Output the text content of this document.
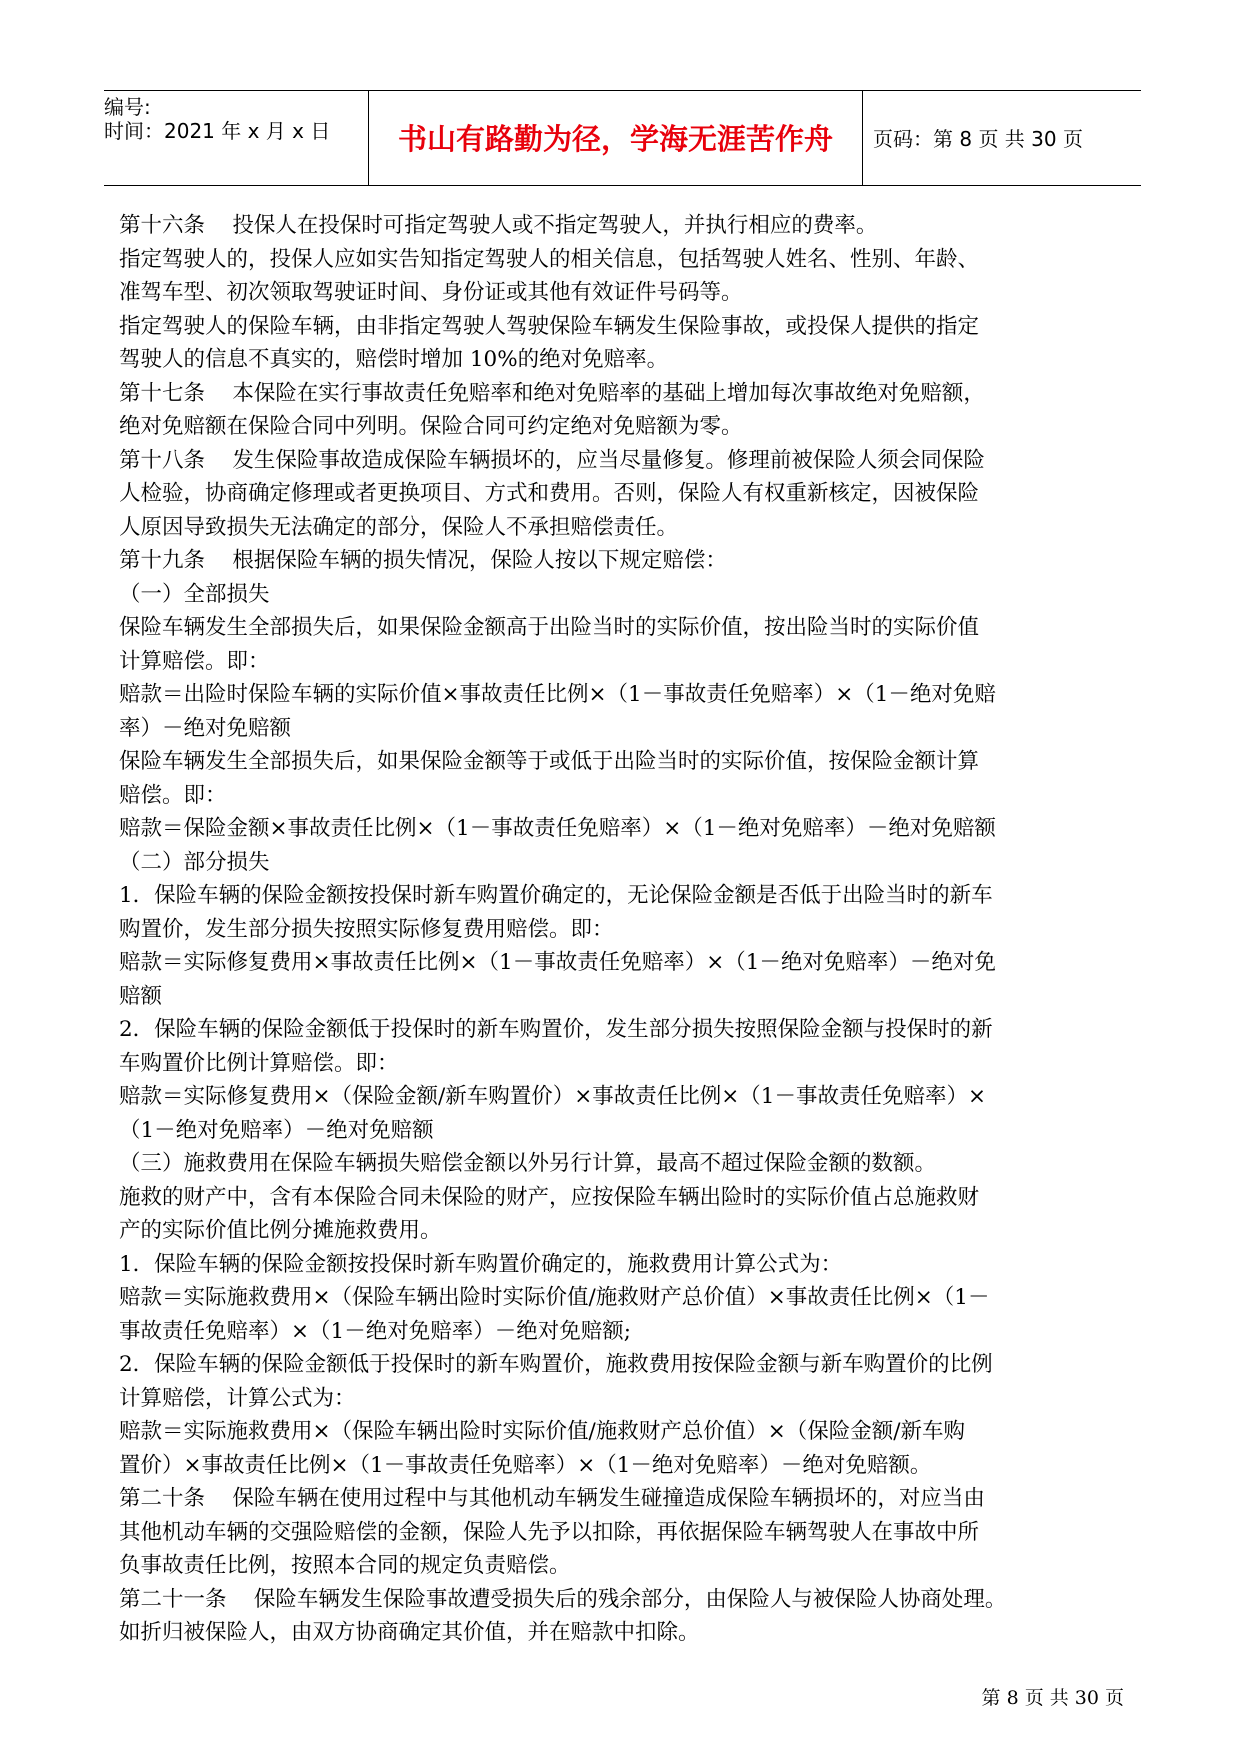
编号:
时间：2021 年 x 月 x 日	书山有路勤为径，学海无涯苦作舟	页码：第 8 页 共 30 页

第十六条    投保人在投保时可指定驾驶人或不指定驾驶人，并执行相应的费率。

指定驾驶人的，投保人应如实告知指定驾驶人的相关信息，包括驾驶人姓名、性别、年龄、

准驾车型、初次领取驾驶证时间、身份证或其他有效证件号码等。

指定驾驶人的保险车辆，由非指定驾驶人驾驶保险车辆发生保险事故，或投保人提供的指定

驾驶人的信息不真实的，赔偿时增加 10%的绝对免赔率。

第十七条    本保险在实行事故责任免赔率和绝对免赔率的基础上增加每次事故绝对免赔额，

绝对免赔额在保险合同中列明。保险合同可约定绝对免赔额为零。

第十八条    发生保险事故造成保险车辆损坏的，应当尽量修复。修理前被保险人须会同保险

人检验，协商确定修理或者更换项目、方式和费用。否则，保险人有权重新核定，因被保险

人原因导致损失无法确定的部分，保险人不承担赔偿责任。

第十九条    根据保险车辆的损失情况，保险人按以下规定赔偿：

（一）全部损失

保险车辆发生全部损失后，如果保险金额高于出险当时的实际价值，按出险当时的实际价值

计算赔偿。即：

赔款＝出险时保险车辆的实际价值×事故责任比例×（1－事故责任免赔率）×（1－绝对免赔

率）－绝对免赔额

保险车辆发生全部损失后，如果保险金额等于或低于出险当时的实际价值，按保险金额计算

赔偿。即：

赔款＝保险金额×事故责任比例×（1－事故责任免赔率）×（1－绝对免赔率）－绝对免赔额

（二）部分损失

1．保险车辆的保险金额按投保时新车购置价确定的，无论保险金额是否低于出险当时的新车

购置价，发生部分损失按照实际修复费用赔偿。即：

赔款＝实际修复费用×事故责任比例×（1－事故责任免赔率）×（1－绝对免赔率）－绝对免

赔额

2．保险车辆的保险金额低于投保时的新车购置价，发生部分损失按照保险金额与投保时的新

车购置价比例计算赔偿。即：

赔款＝实际修复费用×（保险金额/新车购置价）×事故责任比例×（1－事故责任免赔率）×

（1－绝对免赔率）－绝对免赔额

（三）施救费用在保险车辆损失赔偿金额以外另行计算，最高不超过保险金额的数额。

施救的财产中，含有本保险合同未保险的财产，应按保险车辆出险时的实际价值占总施救财

产的实际价值比例分摊施救费用。

1．保险车辆的保险金额按投保时新车购置价确定的，施救费用计算公式为：

赔款＝实际施救费用×（保险车辆出险时实际价值/施救财产总价值）×事故责任比例×（1－

事故责任免赔率）×（1－绝对免赔率）－绝对免赔额;

2．保险车辆的保险金额低于投保时的新车购置价，施救费用按保险金额与新车购置价的比例

计算赔偿，计算公式为：

赔款＝实际施救费用×（保险车辆出险时实际价值/施救财产总价值）×（保险金额/新车购

置价）×事故责任比例×（1－事故责任免赔率）×（1－绝对免赔率）－绝对免赔额。

第二十条    保险车辆在使用过程中与其他机动车辆发生碰撞造成保险车辆损坏的，对应当由

其他机动车辆的交强险赔偿的金额，保险人先予以扣除，再依据保险车辆驾驶人在事故中所

负事故责任比例，按照本合同的规定负责赔偿。

第二十一条    保险车辆发生保险事故遭受损失后的残余部分，由保险人与被保险人协商处理。

如折归被保险人，由双方协商确定其价值，并在赔款中扣除。

第 8 页 共 30 页
